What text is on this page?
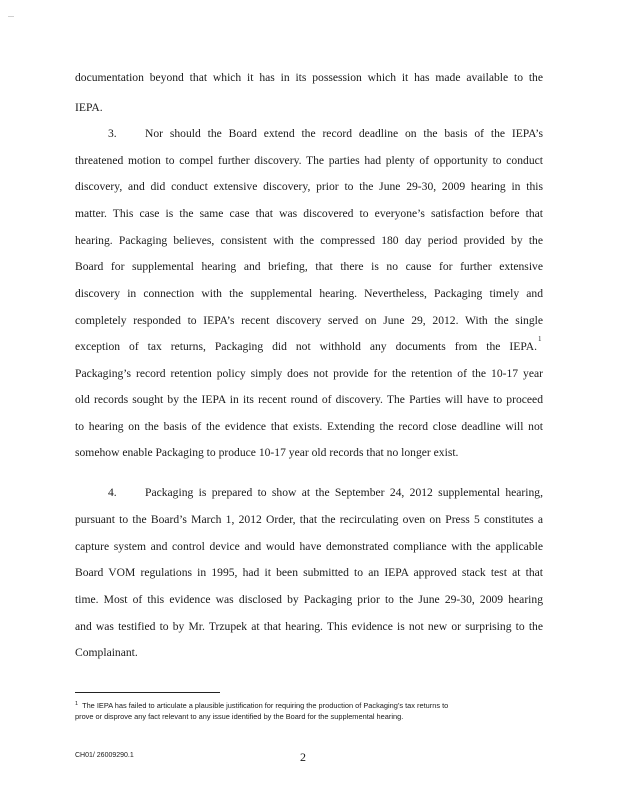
documentation beyond that which it has in its possession which it has made available to the
IEPA.
3. Nor should the Board extend the record deadline on the basis of the IEPA’s
threatened motion to compel further discovery. The parties had plenty of opportunity to conduct
discovery, and did conduct extensive discovery, prior to the June 29-30, 2009 hearing in this
matter. This case is the same case that was discovered to everyone’s satisfaction before that
hearing. Packaging believes, consistent with the compressed 180 day period provided by the
Board for supplemental hearing and briefing, that there is no cause for further extensive
discovery in connection with the supplemental hearing. Nevertheless, Packaging timely and
completely responded to IEPA’s recent discovery served on June 29, 2012. With the single
exception of tax returns, Packaging did not withhold any documents from the IEPA.
1
Packaging’s record retention policy simply does not provide for the retention of the 10-17 year
old records sought by the IEPA in its recent round of discovery. The Parties will have to proceed
to hearing on the basis of the evidence that exists. Extending the record close deadline will not
somehow enable Packaging to produce 10-17 year old records that no longer exist.
4. Packaging is prepared to show at the September 24, 2012 supplemental hearing,
pursuant to the Board’s March 1, 2012 Order, that the recirculating oven on Press 5 constitutes a
capture system and control device and would have demonstrated compliance with the applicable
Board VOM regulations in 1995, had it been submitted to an IEPA approved stack test at that
time. Most of this evidence was disclosed by Packaging prior to the June 29-30, 2009 hearing
and was testified to by Mr. Trzupek at that hearing. This evidence is not new or surprising to the
Complainant.
$^1$ The IEPA has failed to articulate a plausible justification for requiring the production of Packaging’s tax returns to
prove or disprove any fact relevant to any issue identified by the Board for the supplemental hearing.
2
CH01/ 26009290.1
